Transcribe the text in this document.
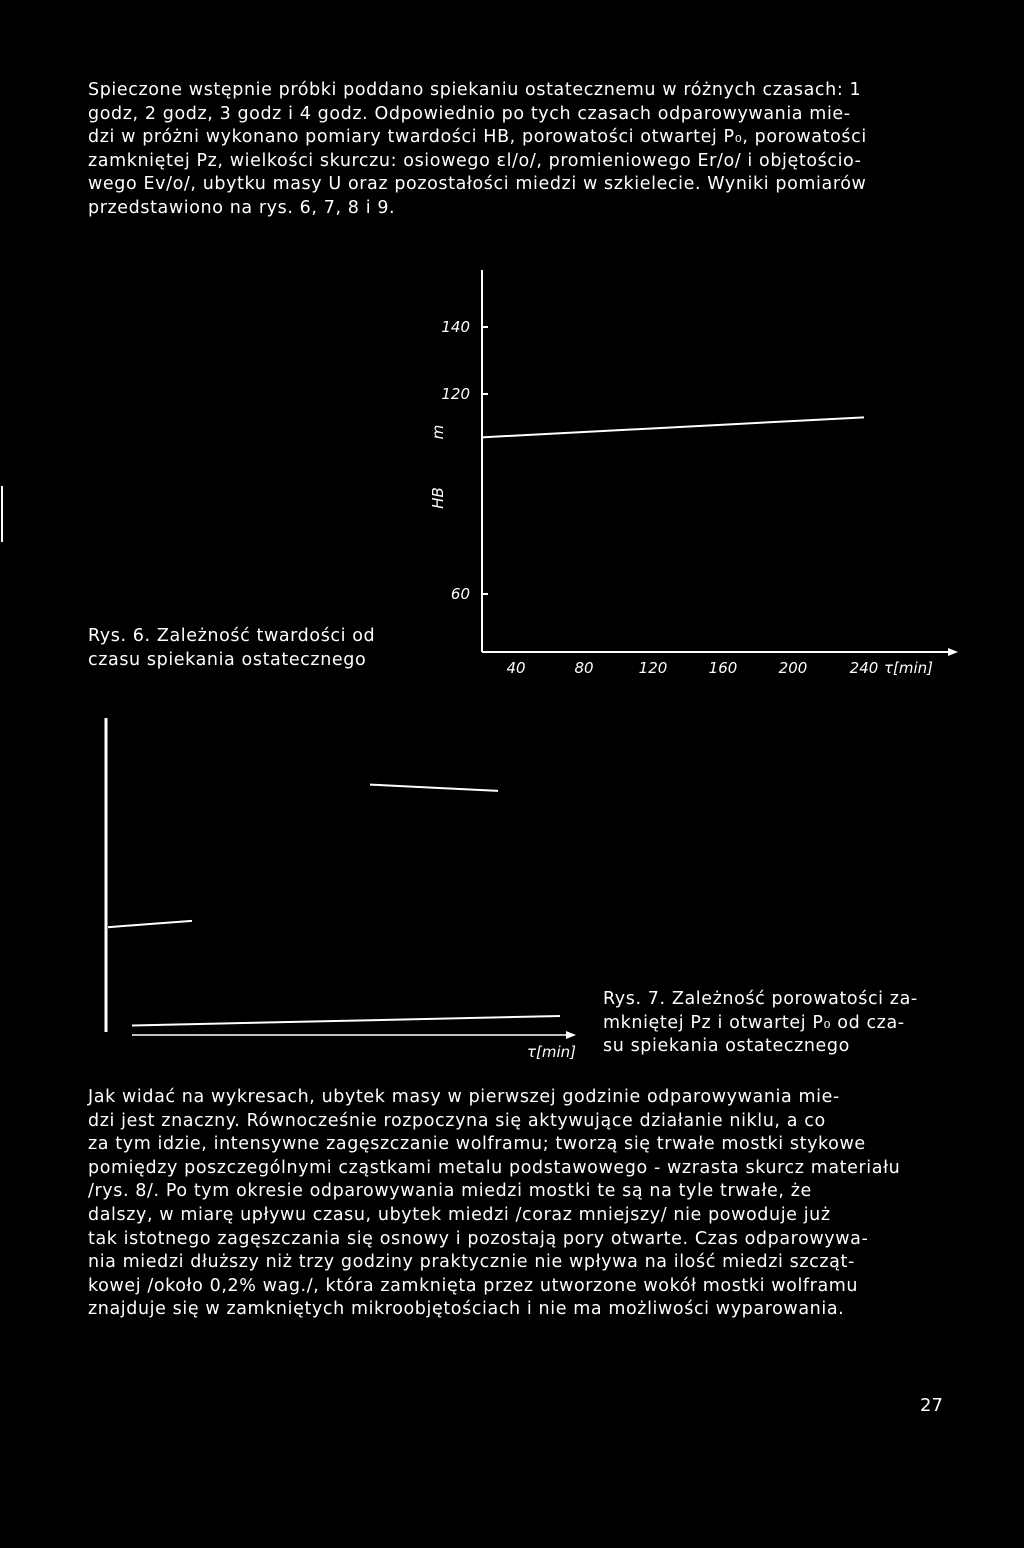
Spieczone wstępnie próbki poddano spiekaniu ostatecznemu w różnych czasach: 1
godz, 2 godz, 3 godz i 4 godz. Odpowiednio po tych czasach odparowywania mie-
dzi w próżni wykonano pomiary twardości HB, porowatości otwartej P₀, porowatości
zamkniętej Pz, wielkości skurczu: osiowego εl/o/, promieniowego Er/o/ i objętościo-
wego Ev/o/, ubytku masy U oraz pozostałości miedzi w szkielecie. Wyniki pomiarów
przedstawiono na rys. 6, 7, 8 i 9.
140
120
60
m
HB
40	80	120	160	200	240 τ[min]
τ[min]
Rys. 6. Zależność twardości od
czasu spiekania ostatecznego
Rys. 7. Zależność porowatości za-
mkniętej Pz i otwartej P₀ od cza-
su spiekania ostatecznego
Jak widać na wykresach, ubytek masy w pierwszej godzinie odparowywania mie-
dzi jest znaczny. Równocześnie rozpoczyna się aktywujące działanie niklu, a co
za tym idzie, intensywne zagęszczanie wolframu; tworzą się trwałe mostki stykowe
pomiędzy poszczególnymi cząstkami metalu podstawowego - wzrasta skurcz materiału
/rys. 8/. Po tym okresie odparowywania miedzi mostki te są na tyle trwałe, że
dalszy, w miarę upływu czasu, ubytek miedzi /coraz mniejszy/ nie powoduje już
tak istotnego zagęszczania się osnowy i pozostają pory otwarte. Czas odparowywa-
nia miedzi dłuższy niż trzy godziny praktycznie nie wpływa na ilość miedzi szcząt-
kowej /około 0,2% wag./, która zamknięta przez utworzone wokół mostki wolframu
znajduje się w zamkniętych mikroobjętościach i nie ma możliwości wyparowania.
27
